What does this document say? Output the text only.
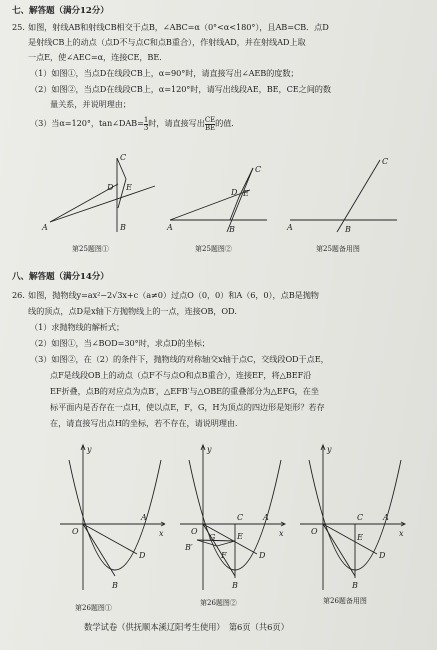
七、解答题（满分12分）
25. 如图，射线AB和射线CB相交于点B，∠ABC=α（0°<α<180°），且AB=CB．点D
是射线CB上的动点（点D不与点C和点B重合），作射线AD，并在射线AD上取
一点E，使∠AEC=α，连接CE，BE．
（1）如图①，当点D在线段CB上，α=90°时，请直接写出∠AEB的度数；
（2）如图②，当点D在线段CB上，α=120°时，请写出线段AE，BE，CE之间的数
量关系，并说明理由；
（3）当α=120°，tan∠DAB= $\frac{1}{3}$ 时，请直接写出 $\frac{CE}{BE}$ 的值．
C
D E
A	B
第25题图①
C
D E
A	B
第25题图②
C
A	B
第25题备用图
八、解答题（满分14分）
26. 如图，抛物线y=ax²−2√3x+c（a≠0）过点O（0，0）和A（6，0），点B是抛物
线的顶点，点D是x轴下方抛物线上的一点，连接OB，OD．
（1）求抛物线的解析式；
（2）如图①，当∠BOD=30°时，求点D的坐标；
（3）如图②，在（2）的条件下，抛物线的对称轴交x轴于点C，交线段OD于点E，
点F是线段OB上的动点（点F不与点O和点B重合），连接EF，将△BEF沿
EF折叠，点B的对应点为点B′，△EFB′与△OBE的重叠部分为△EFG，在坐
标平面内是否存在一点H，使以点E，F，G，H为顶点的四边形是矩形？若存
在，请直接写出点H的坐标，若不存在，请说明理由．
y
x
O
A
D
B
第26题图①
y
x
O
C A
E
D
G
B′
F
B
第26题图②
y
x
O
C A
E
D
B
第26题备用图
数学试卷（供抚顺本溪辽阳考生使用）　第6页（共6页）
